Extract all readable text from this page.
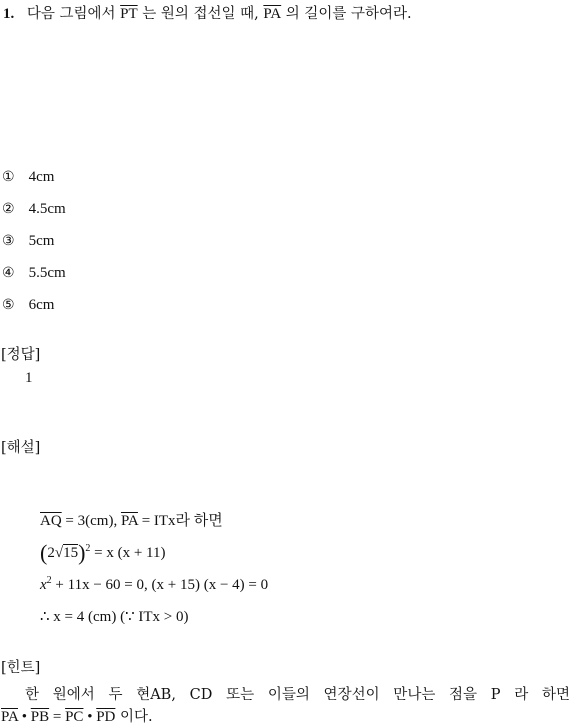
1. 다음 그림에서 $\overline{PT}$ 는 원의 접선일 때, $\overline{PA}$ 의 길이를 구하여라.
① 4cm
② 4.5cm
③ 5cm
④ 5.5cm
⑤ 6cm
[정답]
1
[해설]
$\overline{AQ} = 3(cm)$, $\overline{PA}$ = ITx라 하면
$(2√15)^2 = x$ (x + 11)
$x^2 + 11x - 60 = 0$, (x + 15) (x − 4) = 0
∴ x = 4 (cm) (∵ ITx > 0)
[힌트]
한 원에서 두 현AB, CD 또는 이들의 연장선이 만나는 점을 P 라 하면
$\overline{PA}$ • $\overline{PB} = \overline{PC}$ • $\overline{PD}$ 이다.
